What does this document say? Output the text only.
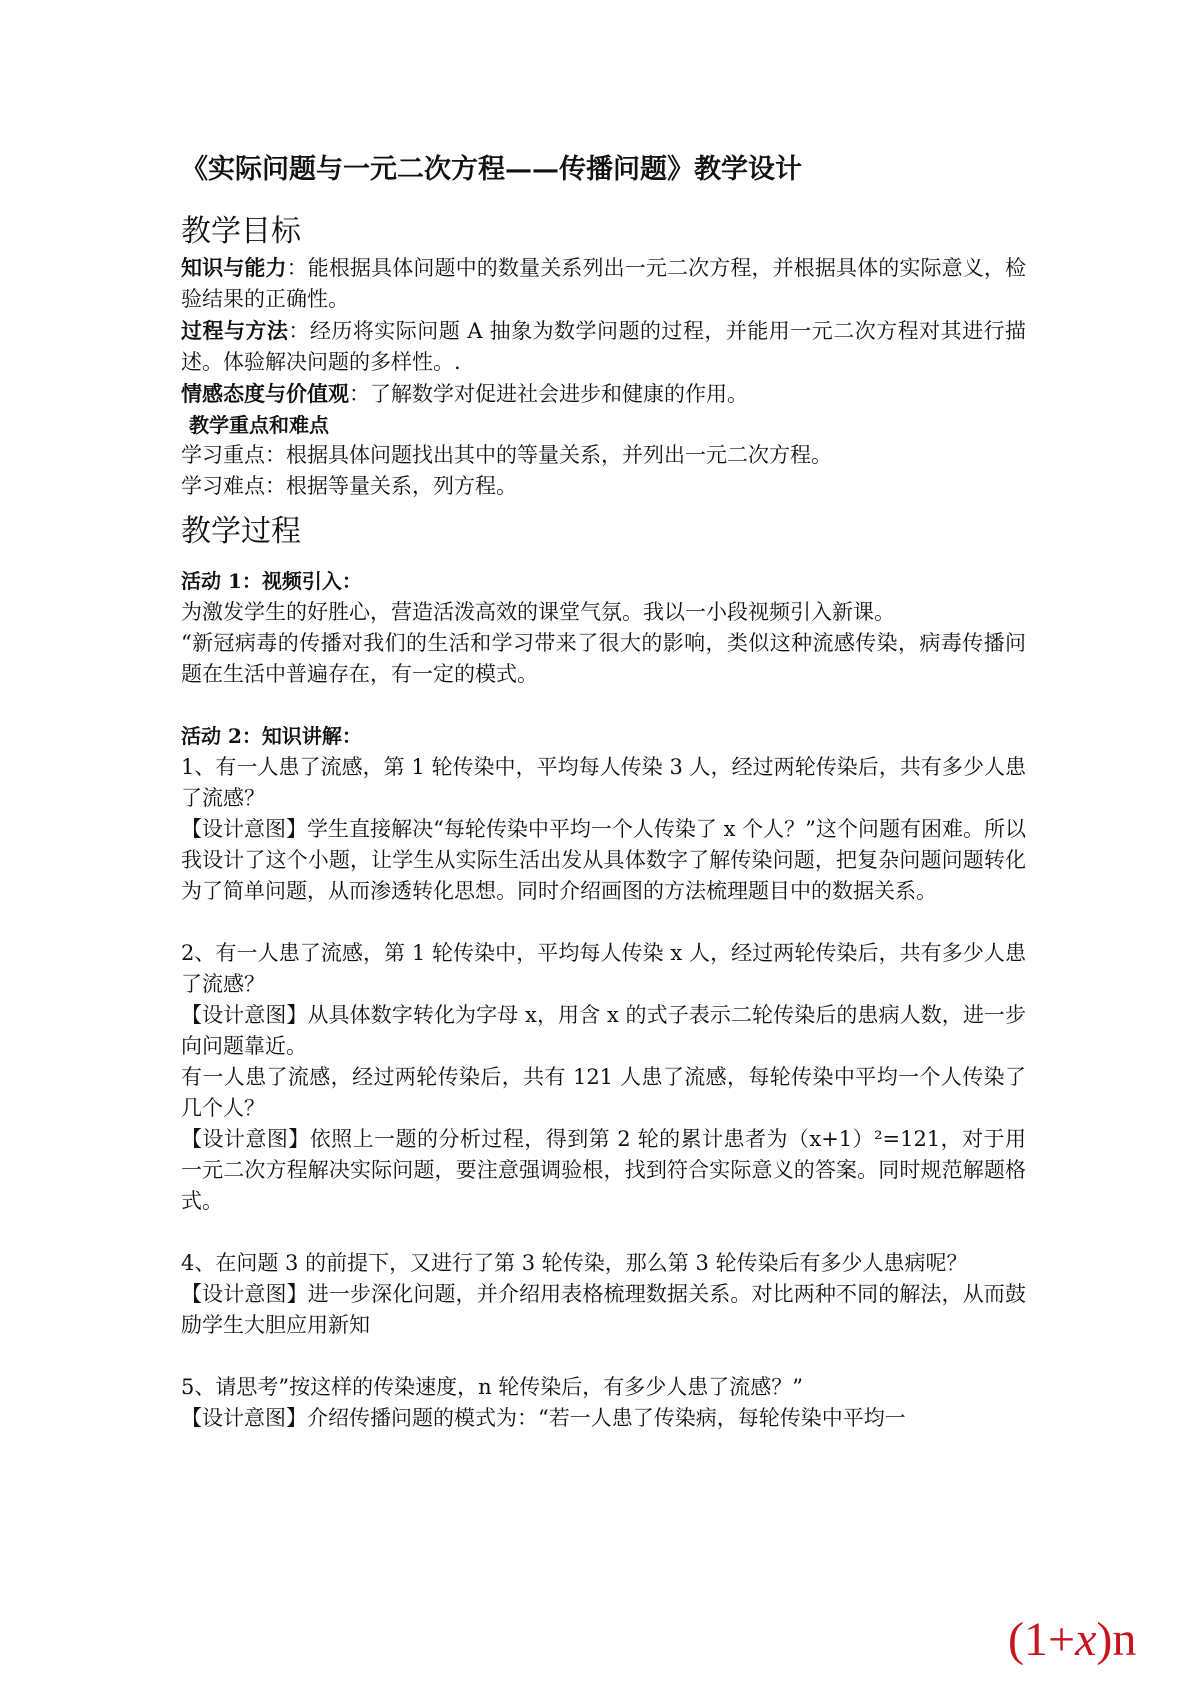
《实际问题与一元二次方程——传播问题》教学设计
教学目标

知识与能力：能根据具体问题中的数量关系列出一元二次方程，并根据具体的实际意义，检验结果的正确性。

过程与方法：经历将实际问题 A 抽象为数学问题的过程，并能用一元二次方程对其进行描述。体验解决问题的多样性。.

情感态度与价值观：了解数学对促进社会进步和健康的作用。

教学重点和难点

学习重点：根据具体问题找出其中的等量关系，并列出一元二次方程。

学习难点：根据等量关系，列方程。

教学过程
活动 1：视频引入：

为激发学生的好胜心，营造活泼高效的课堂气氛。我以一小段视频引入新课。

“新冠病毒的传播对我们的生活和学习带来了很大的影响，类似这种流感传染，病毒传播问题在生活中普遍存在，有一定的模式。

活动 2：知识讲解：

1、有一人患了流感，第 1 轮传染中，平均每人传染 3 人，经过两轮传染后，共有多少人患了流感？

【设计意图】学生直接解决“每轮传染中平均一个人传染了 x 个人？”这个问题有困难。所以我设计了这个小题，让学生从实际生活出发从具体数字了解传染问题，把复杂问题问题转化为了简单问题，从而渗透转化思想。同时介绍画图的方法梳理题目中的数据关系。

2、有一人患了流感，第 1 轮传染中，平均每人传染 x 人，经过两轮传染后，共有多少人患了流感？

【设计意图】从具体数字转化为字母 x，用含 x 的式子表示二轮传染后的患病人数，进一步向问题靠近。

有一人患了流感，经过两轮传染后，共有 121 人患了流感，每轮传染中平均一个人传染了几个人？

【设计意图】依照上一题的分析过程，得到第 2 轮的累计患者为（x+1）²=121，对于用一元二次方程解决实际问题，要注意强调验根，找到符合实际意义的答案。同时规范解题格式。

4、在问题 3 的前提下，又进行了第 3 轮传染，那么第 3 轮传染后有多少人患病呢？

【设计意图】进一步深化问题，并介绍用表格梳理数据关系。对比两种不同的解法，从而鼓励学生大胆应用新知

5、请思考”按这样的传染速度，n 轮传染后，有多少人患了流感？”

【设计意图】介绍传播问题的模式为：“若一人患了传染病，每轮传染中平均一

(1+x)n
